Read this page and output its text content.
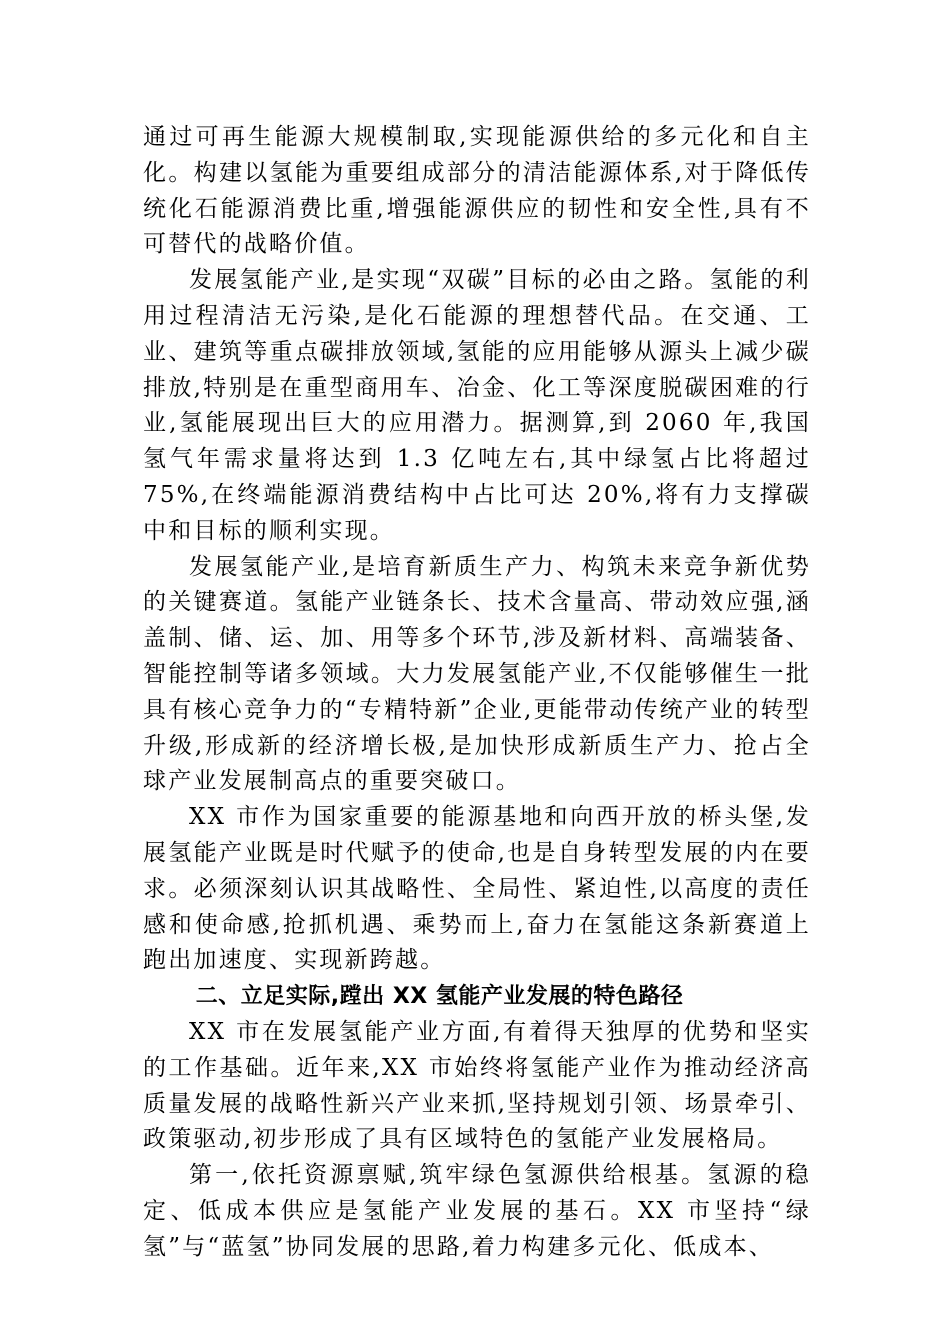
通过可再生能源大规模制取,实现能源供给的多元化和自主化。构建以氢能为重要组成部分的清洁能源体系,对于降低传统化石能源消费比重,增强能源供应的韧性和安全性,具有不可替代的战略价值。

发展氢能产业,是实现“双碳”目标的必由之路。氢能的利用过程清洁无污染,是化石能源的理想替代品。在交通、工业、建筑等重点碳排放领域,氢能的应用能够从源头上减少碳排放,特别是在重型商用车、冶金、化工等深度脱碳困难的行业,氢能展现出巨大的应用潜力。据测算,到 2060 年,我国氢气年需求量将达到 1.3 亿吨左右,其中绿氢占比将超过75%,在终端能源消费结构中占比可达 20%,将有力支撑碳中和目标的顺利实现。

发展氢能产业,是培育新质生产力、构筑未来竞争新优势的关键赛道。氢能产业链条长、技术含量高、带动效应强,涵盖制、储、运、加、用等多个环节,涉及新材料、高端装备、智能控制等诸多领域。大力发展氢能产业,不仅能够催生一批具有核心竞争力的“专精特新”企业,更能带动传统产业的转型升级,形成新的经济增长极,是加快形成新质生产力、抢占全球产业发展制高点的重要突破口。

XX 市作为国家重要的能源基地和向西开放的桥头堡,发展氢能产业既是时代赋予的使命,也是自身转型发展的内在要求。必须深刻认识其战略性、全局性、紧迫性,以高度的责任感和使命感,抢抓机遇、乘势而上,奋力在氢能这条新赛道上跑出加速度、实现新跨越。

二、立足实际,蹚出 XX 氢能产业发展的特色路径

XX 市在发展氢能产业方面,有着得天独厚的优势和坚实的工作基础。近年来,XX 市始终将氢能产业作为推动经济高质量发展的战略性新兴产业来抓,坚持规划引领、场景牵引、政策驱动,初步形成了具有区域特色的氢能产业发展格局。

第一,依托资源禀赋,筑牢绿色氢源供给根基。氢源的稳定、低成本供应是氢能产业发展的基石。XX 市坚持“绿氢”与“蓝氢”协同发展的思路,着力构建多元化、低成本、
